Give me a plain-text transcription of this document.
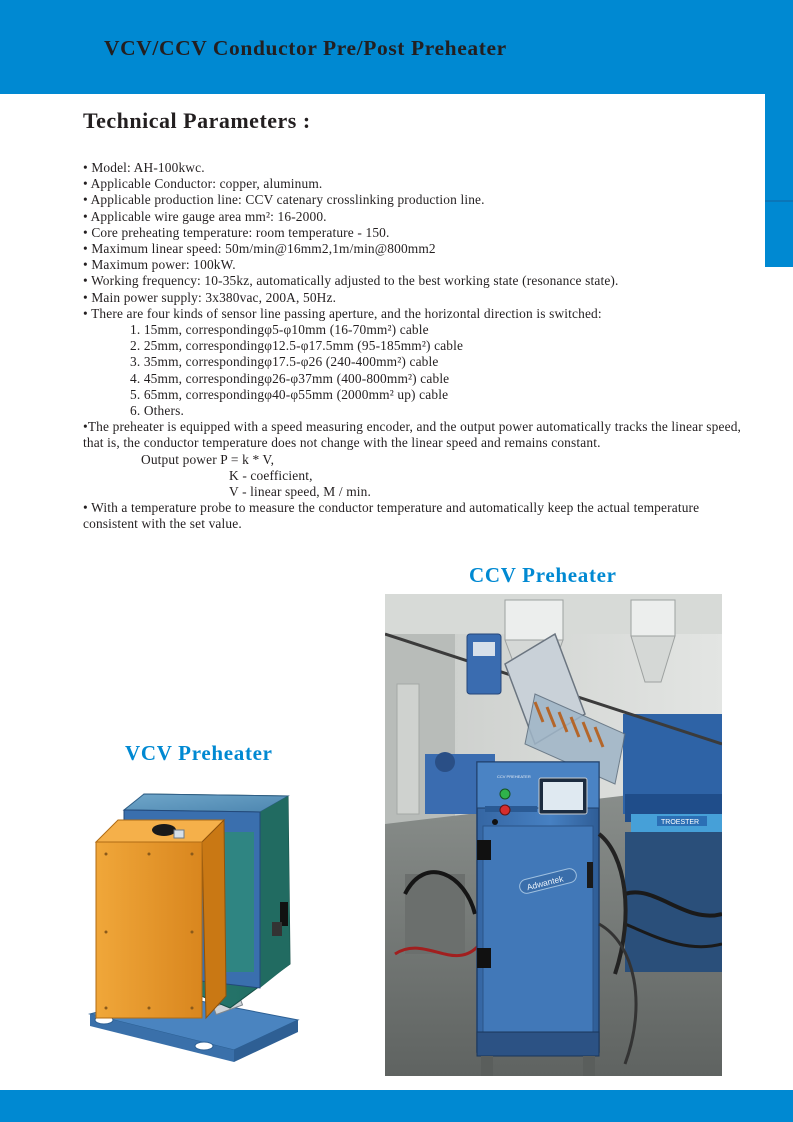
VCV/CCV Conductor Pre/Post Preheater
Technical Parameters :

• Model: AH-100kwc.

• Applicable Conductor: copper, aluminum.

• Applicable production line: CCV catenary crosslinking production line.

• Applicable wire gauge area mm²: 16-2000.

• Core preheating temperature: room temperature - 150.

• Maximum linear speed: 50m/min@16mm2,1m/min@800mm2

• Maximum power: 100kW.

• Working frequency: 10-35kz, automatically adjusted to the best working state (resonance state).

• Main power supply: 3x380vac, 200A, 50Hz.

• There are four kinds of sensor line passing aperture, and the horizontal direction is switched:

1. 15mm, correspondingφ5-φ10mm (16-70mm²) cable

2. 25mm, correspondingφ12.5-φ17.5mm (95-185mm²) cable

3. 35mm, correspondingφ17.5-φ26 (240-400mm²) cable

4. 45mm, correspondingφ26-φ37mm (400-800mm²) cable

5. 65mm, correspondingφ40-φ55mm (2000mm² up) cable

6. Others.

•The preheater is equipped with a speed measuring encoder, and the output power automatically tracks the linear speed, that is, the conductor temperature does not change with the linear speed and remains constant.

Output power P = k * V,

K - coefficient,

V - linear speed, M / min.

• With a temperature probe to measure the conductor temperature and automatically keep the actual temperature consistent with the set value.

CCV Preheater
VCV Preheater
TROESTER
CCV PREHEATER
Adwantek
